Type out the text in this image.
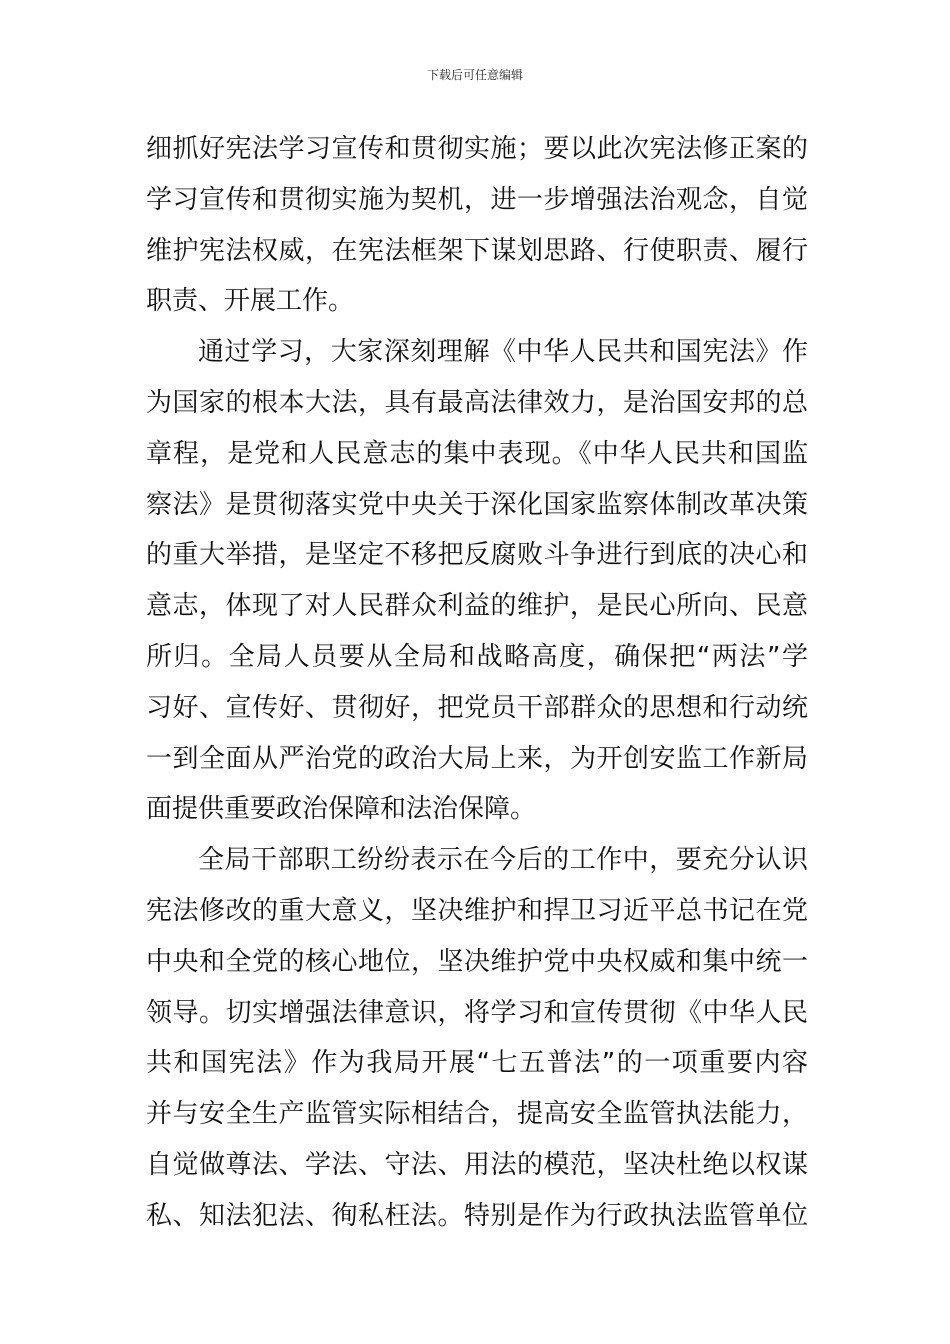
下载后可任意编辑
细抓好宪法学习宣传和贯彻实施；要以此次宪法修正案的
学习宣传和贯彻实施为契机，进一步增强法治观念，自觉
维护宪法权威，在宪法框架下谋划思路、行使职责、履行
职责、开展工作。
通过学习，大家深刻理解《中华人民共和国宪法》作
为国家的根本大法，具有最高法律效力，是治国安邦的总
章程，是党和人民意志的集中表现。《中华人民共和国监
察法》是贯彻落实党中央关于深化国家监察体制改革决策
的重大举措，是坚定不移把反腐败斗争进行到底的决心和
意志，体现了对人民群众利益的维护，是民心所向、民意
所归。全局人员要从全局和战略高度，确保把“两法”学
习好、宣传好、贯彻好，把党员干部群众的思想和行动统
一到全面从严治党的政治大局上来，为开创安监工作新局
面提供重要政治保障和法治保障。
全局干部职工纷纷表示在今后的工作中，要充分认识
宪法修改的重大意义，坚决维护和捍卫习近平总书记在党
中央和全党的核心地位，坚决维护党中央权威和集中统一
领导。切实增强法律意识，将学习和宣传贯彻《中华人民
共和国宪法》作为我局开展“七五普法”的一项重要内容
并与安全生产监管实际相结合，提高安全监管执法能力，
自觉做尊法、学法、守法、用法的模范，坚决杜绝以权谋
私、知法犯法、徇私枉法。特别是作为行政执法监管单位
